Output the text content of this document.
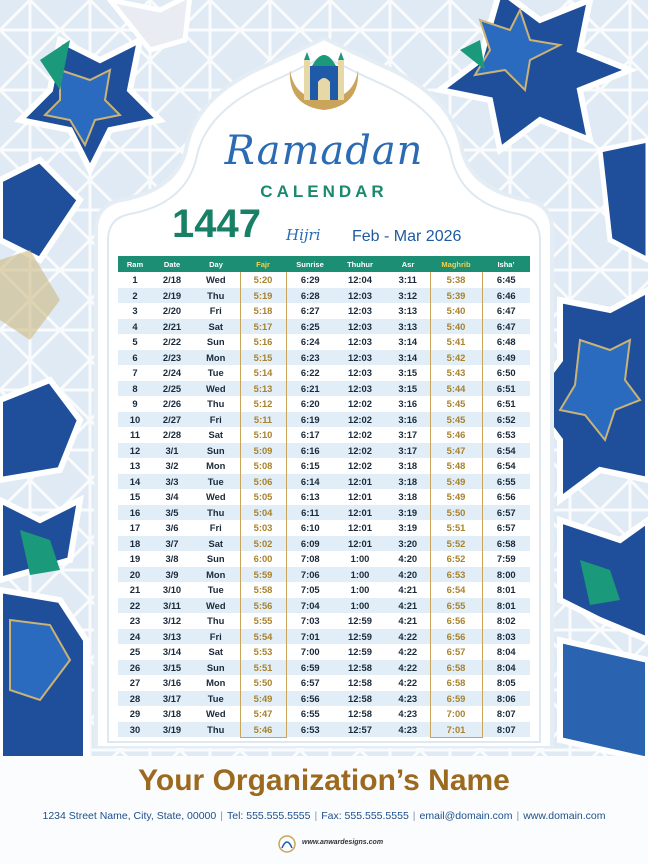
Ramadan
CALENDAR
1447 Hijri Feb - Mar 2026
Ram	Date	Day	Fajr	Sunrise	Thuhur	Asr	Maghrib	Isha’
1	2/18	Wed	5:20	6:29	12:04	3:11	5:38	6:45
2	2/19	Thu	5:19	6:28	12:03	3:12	5:39	6:46
3	2/20	Fri	5:18	6:27	12:03	3:13	5:40	6:47
4	2/21	Sat	5:17	6:25	12:03	3:13	5:40	6:47
5	2/22	Sun	5:16	6:24	12:03	3:14	5:41	6:48
6	2/23	Mon	5:15	6:23	12:03	3:14	5:42	6:49
7	2/24	Tue	5:14	6:22	12:03	3:15	5:43	6:50
8	2/25	Wed	5:13	6:21	12:03	3:15	5:44	6:51
9	2/26	Thu	5:12	6:20	12:02	3:16	5:45	6:51
10	2/27	Fri	5:11	6:19	12:02	3:16	5:45	6:52
11	2/28	Sat	5:10	6:17	12:02	3:17	5:46	6:53
12	3/1	Sun	5:09	6:16	12:02	3:17	5:47	6:54
13	3/2	Mon	5:08	6:15	12:02	3:18	5:48	6:54
14	3/3	Tue	5:06	6:14	12:01	3:18	5:49	6:55
15	3/4	Wed	5:05	6:13	12:01	3:18	5:49	6:56
16	3/5	Thu	5:04	6:11	12:01	3:19	5:50	6:57
17	3/6	Fri	5:03	6:10	12:01	3:19	5:51	6:57
18	3/7	Sat	5:02	6:09	12:01	3:20	5:52	6:58
19	3/8	Sun	6:00	7:08	1:00	4:20	6:52	7:59
20	3/9	Mon	5:59	7:06	1:00	4:20	6:53	8:00
21	3/10	Tue	5:58	7:05	1:00	4:21	6:54	8:01
22	3/11	Wed	5:56	7:04	1:00	4:21	6:55	8:01
23	3/12	Thu	5:55	7:03	12:59	4:21	6:56	8:02
24	3/13	Fri	5:54	7:01	12:59	4:22	6:56	8:03
25	3/14	Sat	5:53	7:00	12:59	4:22	6:57	8:04
26	3/15	Sun	5:51	6:59	12:58	4:22	6:58	8:04
27	3/16	Mon	5:50	6:57	12:58	4:22	6:58	8:05
28	3/17	Tue	5:49	6:56	12:58	4:23	6:59	8:06
29	3/18	Wed	5:47	6:55	12:58	4:23	7:00	8:07
30	3/19	Thu	5:46	6:53	12:57	4:23	7:01	8:07
Your Organization’s Name
1234 Street Name, City, State, 00000 | Tel: 555.555.5555 | Fax: 555.555.5555 | email@domain.com | www.domain.com
www.anwardesigns.com
